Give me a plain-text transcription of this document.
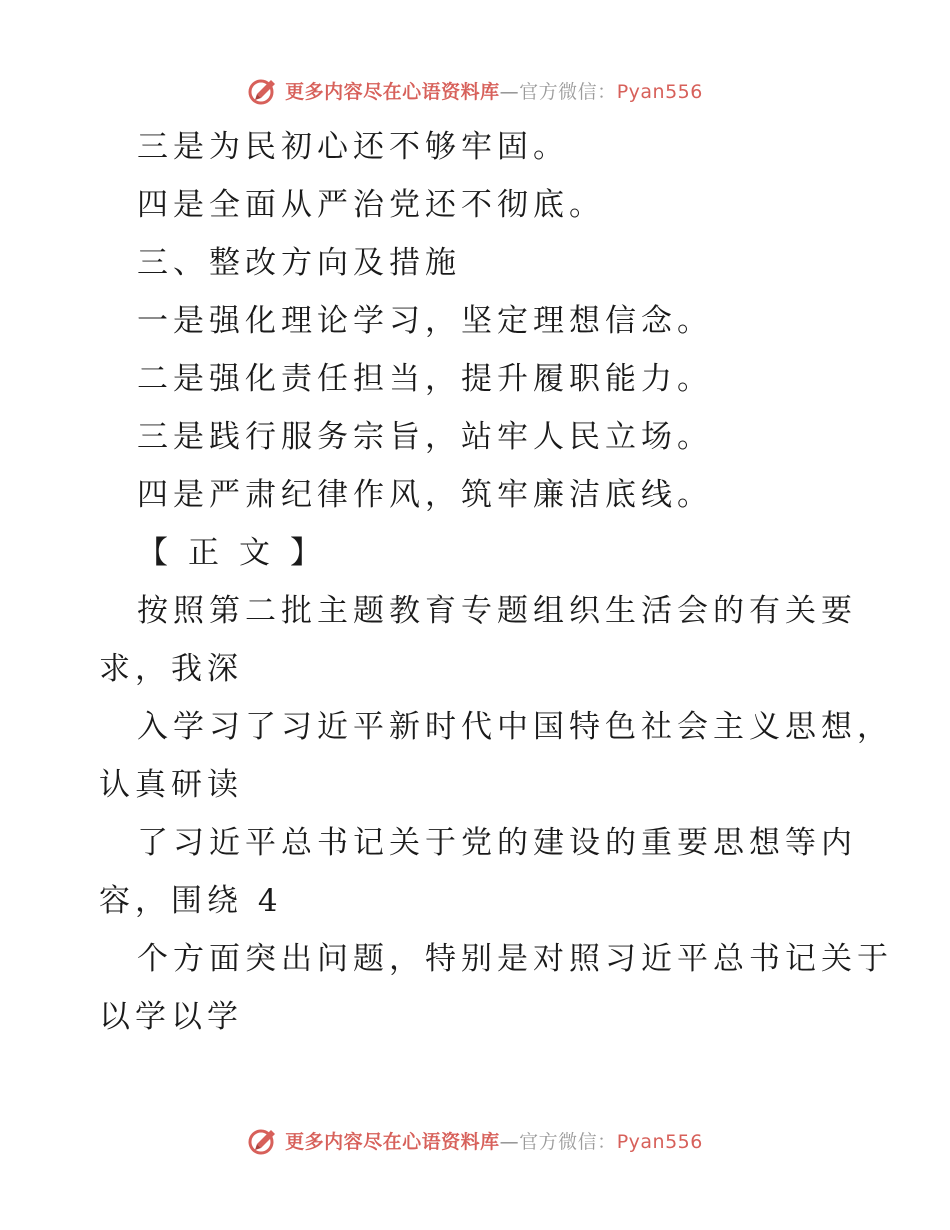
更多内容尽在心语资料库—官方微信：Pyan556
三是为民初心还不够牢固。
四是全面从严治党还不彻底。
三、整改方向及措施
一是强化理论学习，坚定理想信念。
二是强化责任担当，提升履职能力。
三是践行服务宗旨，站牢人民立场。
四是严肃纪律作风，筑牢廉洁底线。
【正文】
按照第二批主题教育专题组织生活会的有关要
求，我深
入学习了习近平新时代中国特色社会主义思想，
认真研读
了习近平总书记关于党的建设的重要思想等内
容，围绕 4
个方面突出问题，特别是对照习近平总书记关于
以学以学
更多内容尽在心语资料库—官方微信：Pyan556
